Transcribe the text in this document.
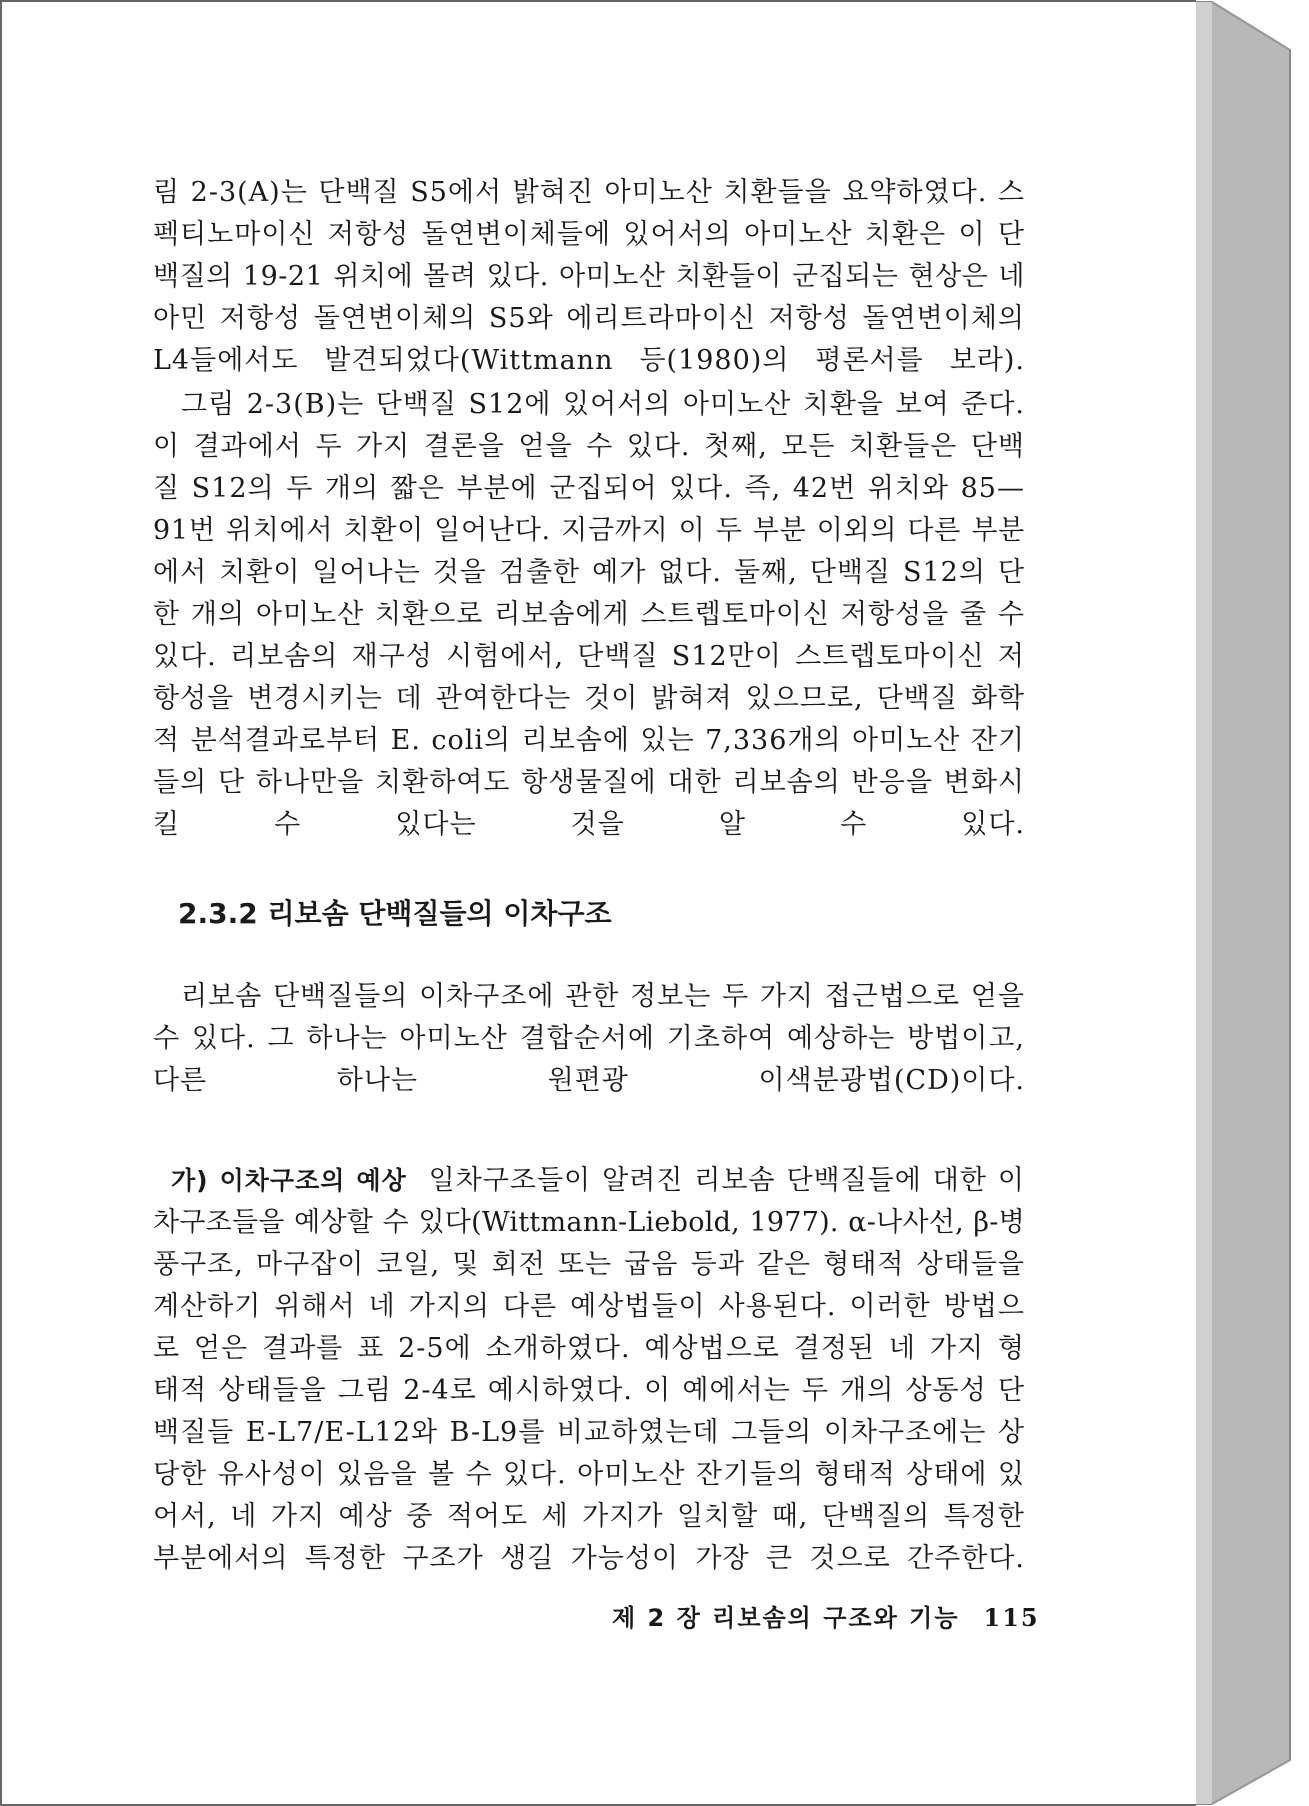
림 2-3(A)는 단백질 S5에서 밝혀진 아미노산 치환들을 요약하였다. 스
펙티노마이신 저항성 돌연변이체들에 있어서의 아미노산 치환은 이 단
백질의 19-21 위치에 몰려 있다. 아미노산 치환들이 군집되는 현상은 네
아민 저항성 돌연변이체의 S5와 에리트라마이신 저항성 돌연변이체의
L4들에서도 발견되었다(Wittmann 등(1980)의 평론서를 보라).
그림 2-3(B)는 단백질 S12에 있어서의 아미노산 치환을 보여 준다.
이 결과에서 두 가지 결론을 얻을 수 있다. 첫째, 모든 치환들은 단백
질 S12의 두 개의 짧은 부분에 군집되어 있다. 즉, 42번 위치와 85—
91번 위치에서 치환이 일어난다. 지금까지 이 두 부분 이외의 다른 부분
에서 치환이 일어나는 것을 검출한 예가 없다. 둘째, 단백질 S12의 단
한 개의 아미노산 치환으로 리보솜에게 스트렙토마이신 저항성을 줄 수
있다. 리보솜의 재구성 시험에서, 단백질 S12만이 스트렙토마이신 저
항성을 변경시키는 데 관여한다는 것이 밝혀져 있으므로, 단백질 화학
적 분석결과로부터 E. coli의 리보솜에 있는 7,336개의 아미노산 잔기
들의 단 하나만을 치환하여도 항생물질에 대한 리보솜의 반응을 변화시
킬 수 있다는 것을 알 수 있다.
2.3.2 리보솜 단백질들의 이차구조
리보솜 단백질들의 이차구조에 관한 정보는 두 가지 접근법으로 얻을
수 있다. 그 하나는 아미노산 결합순서에 기초하여 예상하는 방법이고,
다른 하나는 원편광 이색분광법(CD)이다.
가) 이차구조의 예상 일차구조들이 알려진 리보솜 단백질들에 대한 이
차구조들을 예상할 수 있다(Wittmann-Liebold, 1977). α-나사선, β-병
풍구조, 마구잡이 코일, 및 회전 또는 굽음 등과 같은 형태적 상태들을
계산하기 위해서 네 가지의 다른 예상법들이 사용된다. 이러한 방법으
로 얻은 결과를 표 2-5에 소개하였다. 예상법으로 결정된 네 가지 형
태적 상태들을 그림 2-4로 예시하였다. 이 예에서는 두 개의 상동성 단
백질들 E-L7/E-L12와 B-L9를 비교하였는데 그들의 이차구조에는 상
당한 유사성이 있음을 볼 수 있다. 아미노산 잔기들의 형태적 상태에 있
어서, 네 가지 예상 중 적어도 세 가지가 일치할 때, 단백질의 특정한
부분에서의 특정한 구조가 생길 가능성이 가장 큰 것으로 간주한다.
제 2 장 리보솜의 구조와 기능 115
